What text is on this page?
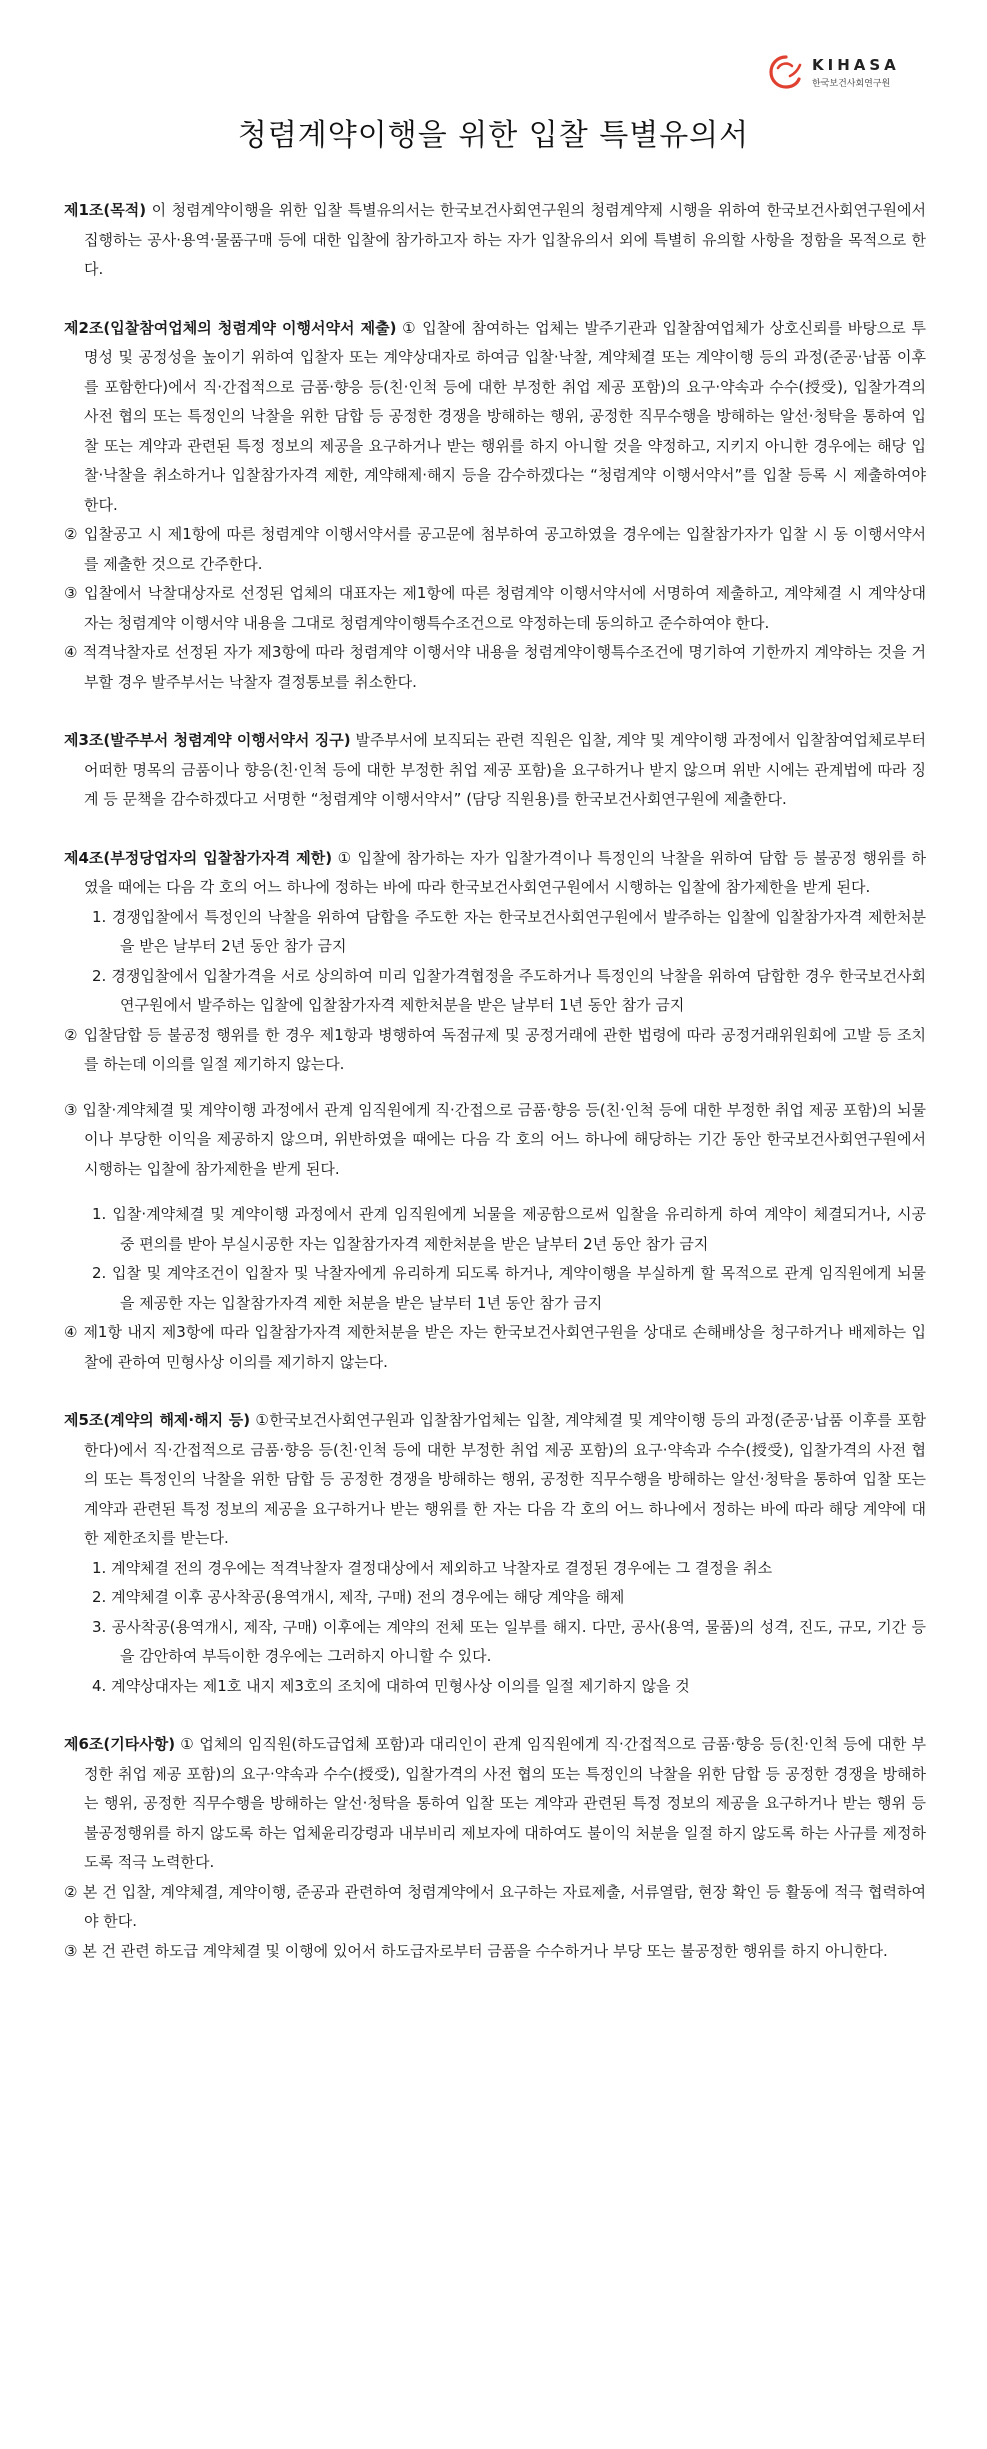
KIHASA
한국보건사회연구원
청렴계약이행을 위한 입찰 특별유의서

제1조(목적) 이 청렴계약이행을 위한 입찰 특별유의서는 한국보건사회연구원의 청렴계약제 시행을 위하여 한국보건사회연구원에서 집행하는 공사·용역·물품구매 등에 대한 입찰에 참가하고자 하는 자가 입찰유의서 외에 특별히 유의할 사항을 정함을 목적으로 한다.

제2조(입찰참여업체의 청렴계약 이행서약서 제출) ① 입찰에 참여하는 업체는 발주기관과 입찰참여업체가 상호신뢰를 바탕으로 투명성 및 공정성을 높이기 위하여 입찰자 또는 계약상대자로 하여금 입찰·낙찰, 계약체결 또는 계약이행 등의 과정(준공·납품 이후를 포함한다)에서 직·간접적으로 금품·향응 등(친·인척 등에 대한 부정한 취업 제공 포함)의 요구·약속과 수수(授受), 입찰가격의 사전 협의 또는 특정인의 낙찰을 위한 담합 등 공정한 경쟁을 방해하는 행위, 공정한 직무수행을 방해하는 알선·청탁을 통하여 입찰 또는 계약과 관련된 특정 정보의 제공을 요구하거나 받는 행위를 하지 아니할 것을 약정하고, 지키지 아니한 경우에는 해당 입찰·낙찰을 취소하거나 입찰참가자격 제한, 계약해제·해지 등을 감수하겠다는 “청렴계약 이행서약서”를 입찰 등록 시 제출하여야 한다.

② 입찰공고 시 제1항에 따른 청렴계약 이행서약서를 공고문에 첨부하여 공고하였을 경우에는 입찰참가자가 입찰 시 동 이행서약서를 제출한 것으로 간주한다.

③ 입찰에서 낙찰대상자로 선정된 업체의 대표자는 제1항에 따른 청렴계약 이행서약서에 서명하여 제출하고, 계약체결 시 계약상대자는 청렴계약 이행서약 내용을 그대로 청렴계약이행특수조건으로 약정하는데 동의하고 준수하여야 한다.

④ 적격낙찰자로 선정된 자가 제3항에 따라 청렴계약 이행서약 내용을 청렴계약이행특수조건에 명기하여 기한까지 계약하는 것을 거부할 경우 발주부서는 낙찰자 결정통보를 취소한다.

제3조(발주부서 청렴계약 이행서약서 징구) 발주부서에 보직되는 관련 직원은 입찰, 계약 및 계약이행 과정에서 입찰참여업체로부터 어떠한 명목의 금품이나 향응(친·인척 등에 대한 부정한 취업 제공 포함)을 요구하거나 받지 않으며 위반 시에는 관계법에 따라 징계 등 문책을 감수하겠다고 서명한 “청렴계약 이행서약서” (담당 직원용)를 한국보건사회연구원에 제출한다.

제4조(부정당업자의 입찰참가자격 제한) ① 입찰에 참가하는 자가 입찰가격이나 특정인의 낙찰을 위하여 담합 등 불공정 행위를 하였을 때에는 다음 각 호의 어느 하나에 정하는 바에 따라 한국보건사회연구원에서 시행하는 입찰에 참가제한을 받게 된다.

1. 경쟁입찰에서 특정인의 낙찰을 위하여 담합을 주도한 자는 한국보건사회연구원에서 발주하는 입찰에 입찰참가자격 제한처분을 받은 날부터 2년 동안 참가 금지

2. 경쟁입찰에서 입찰가격을 서로 상의하여 미리 입찰가격협정을 주도하거나 특정인의 낙찰을 위하여 담합한 경우 한국보건사회연구원에서 발주하는 입찰에 입찰참가자격 제한처분을 받은 날부터 1년 동안 참가 금지

② 입찰담합 등 불공정 행위를 한 경우 제1항과 병행하여 독점규제 및 공정거래에 관한 법령에 따라 공정거래위원회에 고발 등 조치를 하는데 이의를 일절 제기하지 않는다.

③ 입찰·계약체결 및 계약이행 과정에서 관계 임직원에게 직·간접으로 금품·향응 등(친·인척 등에 대한 부정한 취업 제공 포함)의 뇌물이나 부당한 이익을 제공하지 않으며, 위반하였을 때에는 다음 각 호의 어느 하나에 해당하는 기간 동안 한국보건사회연구원에서 시행하는 입찰에 참가제한을 받게 된다.

1. 입찰·계약체결 및 계약이행 과정에서 관계 임직원에게 뇌물을 제공함으로써 입찰을 유리하게 하여 계약이 체결되거나, 시공 중 편의를 받아 부실시공한 자는 입찰참가자격 제한처분을 받은 날부터 2년 동안 참가 금지

2. 입찰 및 계약조건이 입찰자 및 낙찰자에게 유리하게 되도록 하거나, 계약이행을 부실하게 할 목적으로 관계 임직원에게 뇌물을 제공한 자는 입찰참가자격 제한 처분을 받은 날부터 1년 동안 참가 금지

④ 제1항 내지 제3항에 따라 입찰참가자격 제한처분을 받은 자는 한국보건사회연구원을 상대로 손해배상을 청구하거나 배제하는 입찰에 관하여 민형사상 이의를 제기하지 않는다.

제5조(계약의 해제·해지 등) ①한국보건사회연구원과 입찰참가업체는 입찰, 계약체결 및 계약이행 등의 과정(준공·납품 이후를 포함한다)에서 직·간접적으로 금품·향응 등(친·인척 등에 대한 부정한 취업 제공 포함)의 요구·약속과 수수(授受), 입찰가격의 사전 협의 또는 특정인의 낙찰을 위한 담합 등 공정한 경쟁을 방해하는 행위, 공정한 직무수행을 방해하는 알선·청탁을 통하여 입찰 또는 계약과 관련된 특정 정보의 제공을 요구하거나 받는 행위를 한 자는 다음 각 호의 어느 하나에서 정하는 바에 따라 해당 계약에 대한 제한조치를 받는다.

1. 계약체결 전의 경우에는 적격낙찰자 결정대상에서 제외하고 낙찰자로 결정된 경우에는 그 결정을 취소

2. 계약체결 이후 공사착공(용역개시, 제작, 구매) 전의 경우에는 해당 계약을 해제

3. 공사착공(용역개시, 제작, 구매) 이후에는 계약의 전체 또는 일부를 해지. 다만, 공사(용역, 물품)의 성격, 진도, 규모, 기간 등을 감안하여 부득이한 경우에는 그러하지 아니할 수 있다.

4. 계약상대자는 제1호 내지 제3호의 조치에 대하여 민형사상 이의를 일절 제기하지 않을 것

제6조(기타사항) ① 업체의 임직원(하도급업체 포함)과 대리인이 관계 임직원에게 직·간접적으로 금품·향응 등(친·인척 등에 대한 부정한 취업 제공 포함)의 요구·약속과 수수(授受), 입찰가격의 사전 협의 또는 특정인의 낙찰을 위한 담합 등 공정한 경쟁을 방해하는 행위, 공정한 직무수행을 방해하는 알선·청탁을 통하여 입찰 또는 계약과 관련된 특정 정보의 제공을 요구하거나 받는 행위 등 불공정행위를 하지 않도록 하는 업체윤리강령과 내부비리 제보자에 대하여도 불이익 처분을 일절 하지 않도록 하는 사규를 제정하도록 적극 노력한다.

② 본 건 입찰, 계약체결, 계약이행, 준공과 관련하여 청렴계약에서 요구하는 자료제출, 서류열람, 현장 확인 등 활동에 적극 협력하여야 한다.

③ 본 건 관련 하도급 계약체결 및 이행에 있어서 하도급자로부터 금품을 수수하거나 부당 또는 불공정한 행위를 하지 아니한다.
